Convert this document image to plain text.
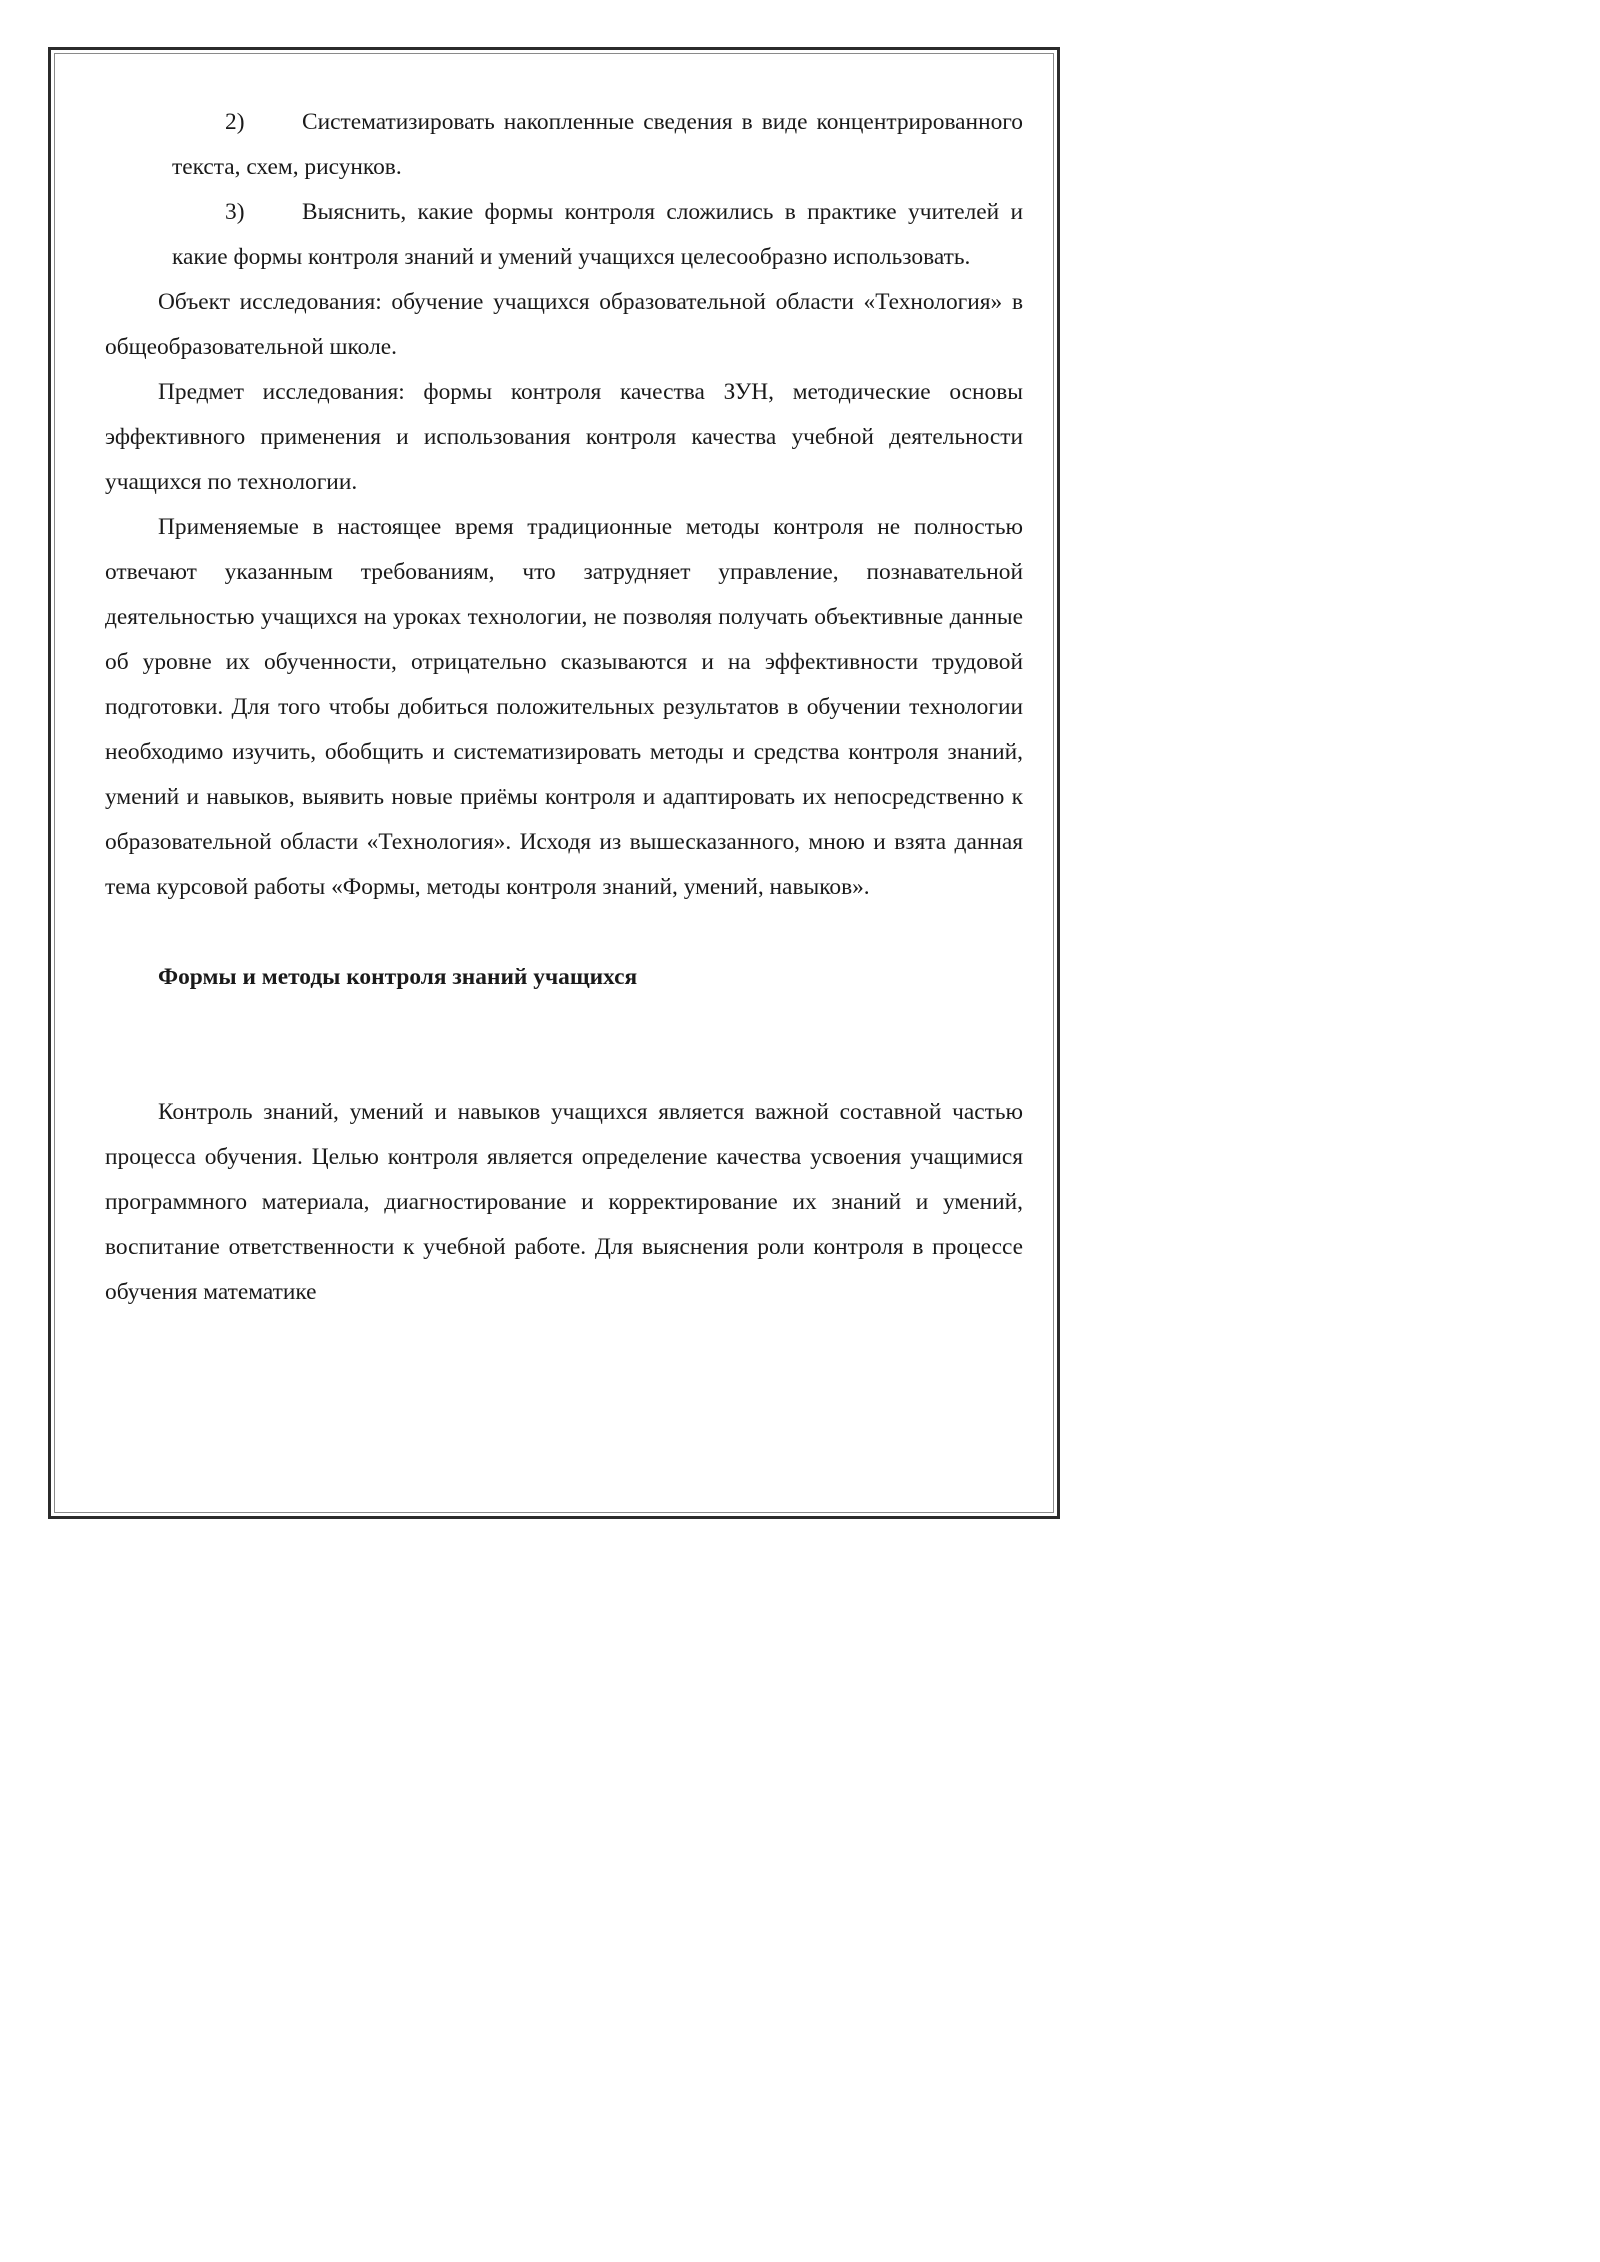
2) Систематизировать накопленные сведения в виде концентрированного текста, схем, рисунков.

3) Выяснить, какие формы контроля сложились в практике учителей и какие формы контроля знаний и умений учащихся целесообразно использовать.

Объект исследования: обучение учащихся образовательной области «Технология» в общеобразовательной школе.

Предмет исследования: формы контроля качества ЗУН, методические основы эффективного применения и использования контроля качества учебной деятельности учащихся по технологии.

Применяемые в настоящее время традиционные методы контроля не полностью отвечают указанным требованиям, что затрудняет управление, познавательной деятельностью учащихся на уроках технологии, не позволяя получать объективные данные об уровне их обученности, отрицательно сказываются и на эффективности трудовой подготовки. Для того чтобы добиться положительных результатов в обучении технологии необходимо изучить, обобщить и систематизировать методы и средства контроля знаний, умений и навыков, выявить новые приёмы контроля и адаптировать их непосредственно к образовательной области «Технология». Исходя из вышесказанного, мною и взята данная тема курсовой работы «Формы, методы контроля знаний, умений, навыков».

Формы и методы контроля знаний учащихся

Контроль знаний, умений и навыков учащихся является важной составной частью процесса обучения. Целью контроля является определение качества усвоения учащимися программного материала, диагностирование и корректирование их знаний и умений, воспитание ответственности к учебной работе. Для выяснения роли контроля в процессе обучения математике
